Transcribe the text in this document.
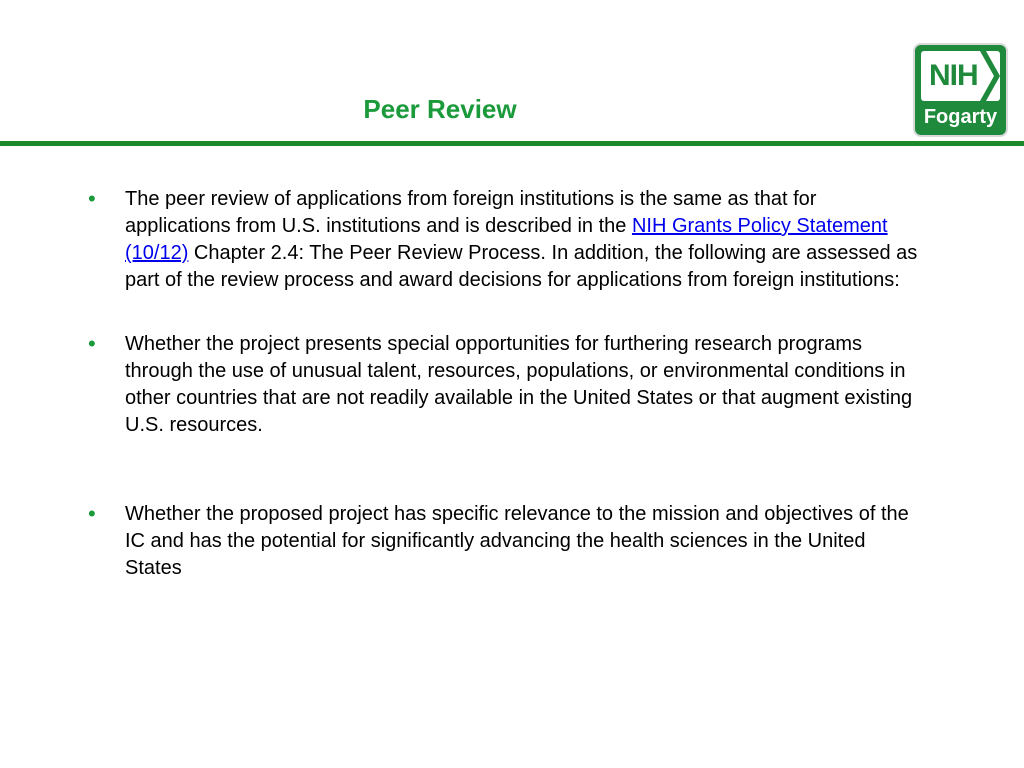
Peer Review
NIH
Fogarty
• The peer review of applications from foreign institutions is the same as that for applications from U.S. institutions and is described in the NIH Grants Policy Statement (10/12) Chapter 2.4: The Peer Review Process. In addition, the following are assessed as part of the review process and award decisions for applications from foreign institutions:
• Whether the project presents special opportunities for furthering research programs through the use of unusual talent, resources, populations, or environmental conditions in other countries that are not readily available in the United States or that augment existing U.S. resources.
• Whether the proposed project has specific relevance to the mission and objectives of the IC and has the potential for significantly advancing the health sciences in the United States
